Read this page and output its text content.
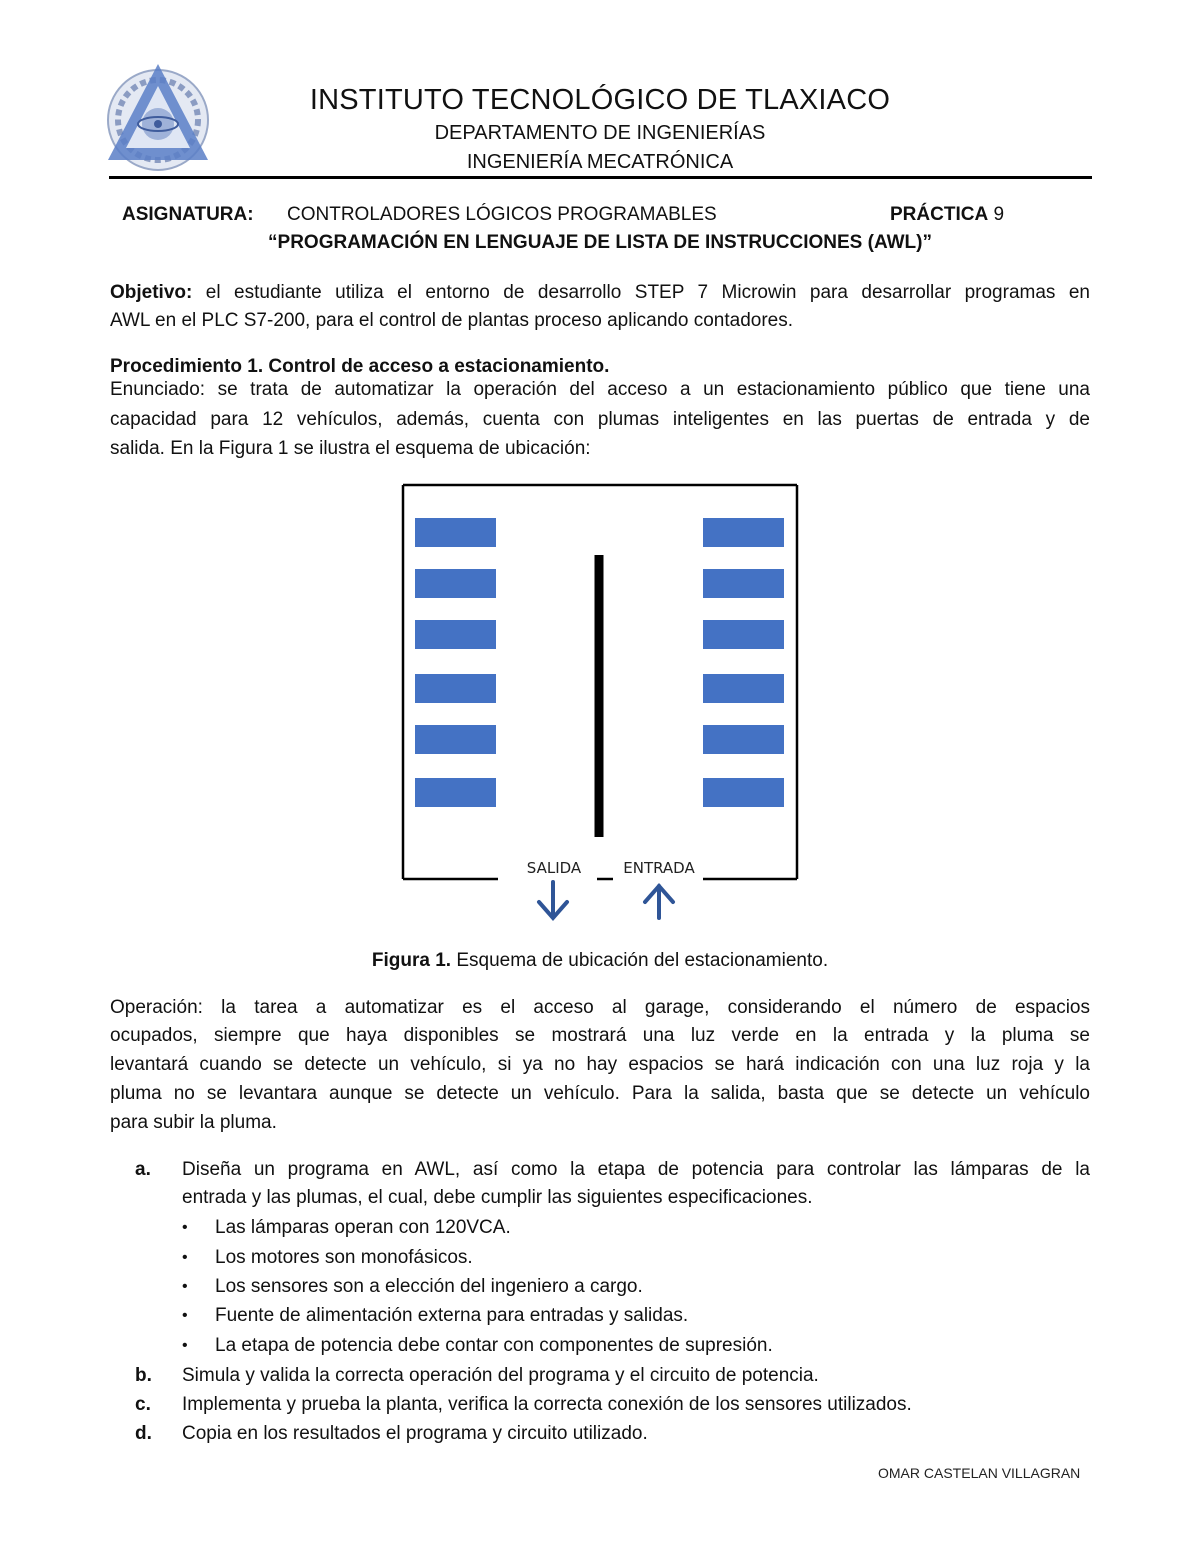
INSTITUTO TECNOLÓGICO DE TLAXIACO
DEPARTAMENTO DE INGENIERÍAS
INGENIERÍA MECATRÓNICA
ASIGNATURA: CONTROLADORES LÓGICOS PROGRAMABLES	PRÁCTICA 9
“PROGRAMACIÓN EN LENGUAJE DE LISTA DE INSTRUCCIONES (AWL)”
Objetivo: el estudiante utiliza el entorno de desarrollo STEP 7 Microwin para desarrollar programas en
AWL en el PLC S7-200, para el control de plantas proceso aplicando contadores.
Procedimiento 1. Control de acceso a estacionamiento.
Enunciado: se trata de automatizar la operación del acceso a un estacionamiento público que tiene una
capacidad para 12 vehículos, además, cuenta con plumas inteligentes en las puertas de entrada y de
salida. En la Figura 1 se ilustra el esquema de ubicación:
SALIDA	ENTRADA
Figura 1. Esquema de ubicación del estacionamiento.
Operación: la tarea a automatizar es el acceso al garage, considerando el número de espacios
ocupados, siempre que haya disponibles se mostrará una luz verde en la entrada y la pluma se
levantará cuando se detecte un vehículo, si ya no hay espacios se hará indicación con una luz roja y la
pluma no se levantara aunque se detecte un vehículo. Para la salida, basta que se detecte un vehículo
para subir la pluma.
a. Diseña un programa en AWL, así como la etapa de potencia para controlar las lámparas de la
entrada y las plumas, el cual, debe cumplir las siguientes especificaciones.
• Las lámparas operan con 120VCA.
• Los motores son monofásicos.
• Los sensores son a elección del ingeniero a cargo.
• Fuente de alimentación externa para entradas y salidas.
• La etapa de potencia debe contar con componentes de supresión.
b. Simula y valida la correcta operación del programa y el circuito de potencia.
c. Implementa y prueba la planta, verifica la correcta conexión de los sensores utilizados.
d. Copia en los resultados el programa y circuito utilizado.
OMAR CASTELAN VILLAGRAN
